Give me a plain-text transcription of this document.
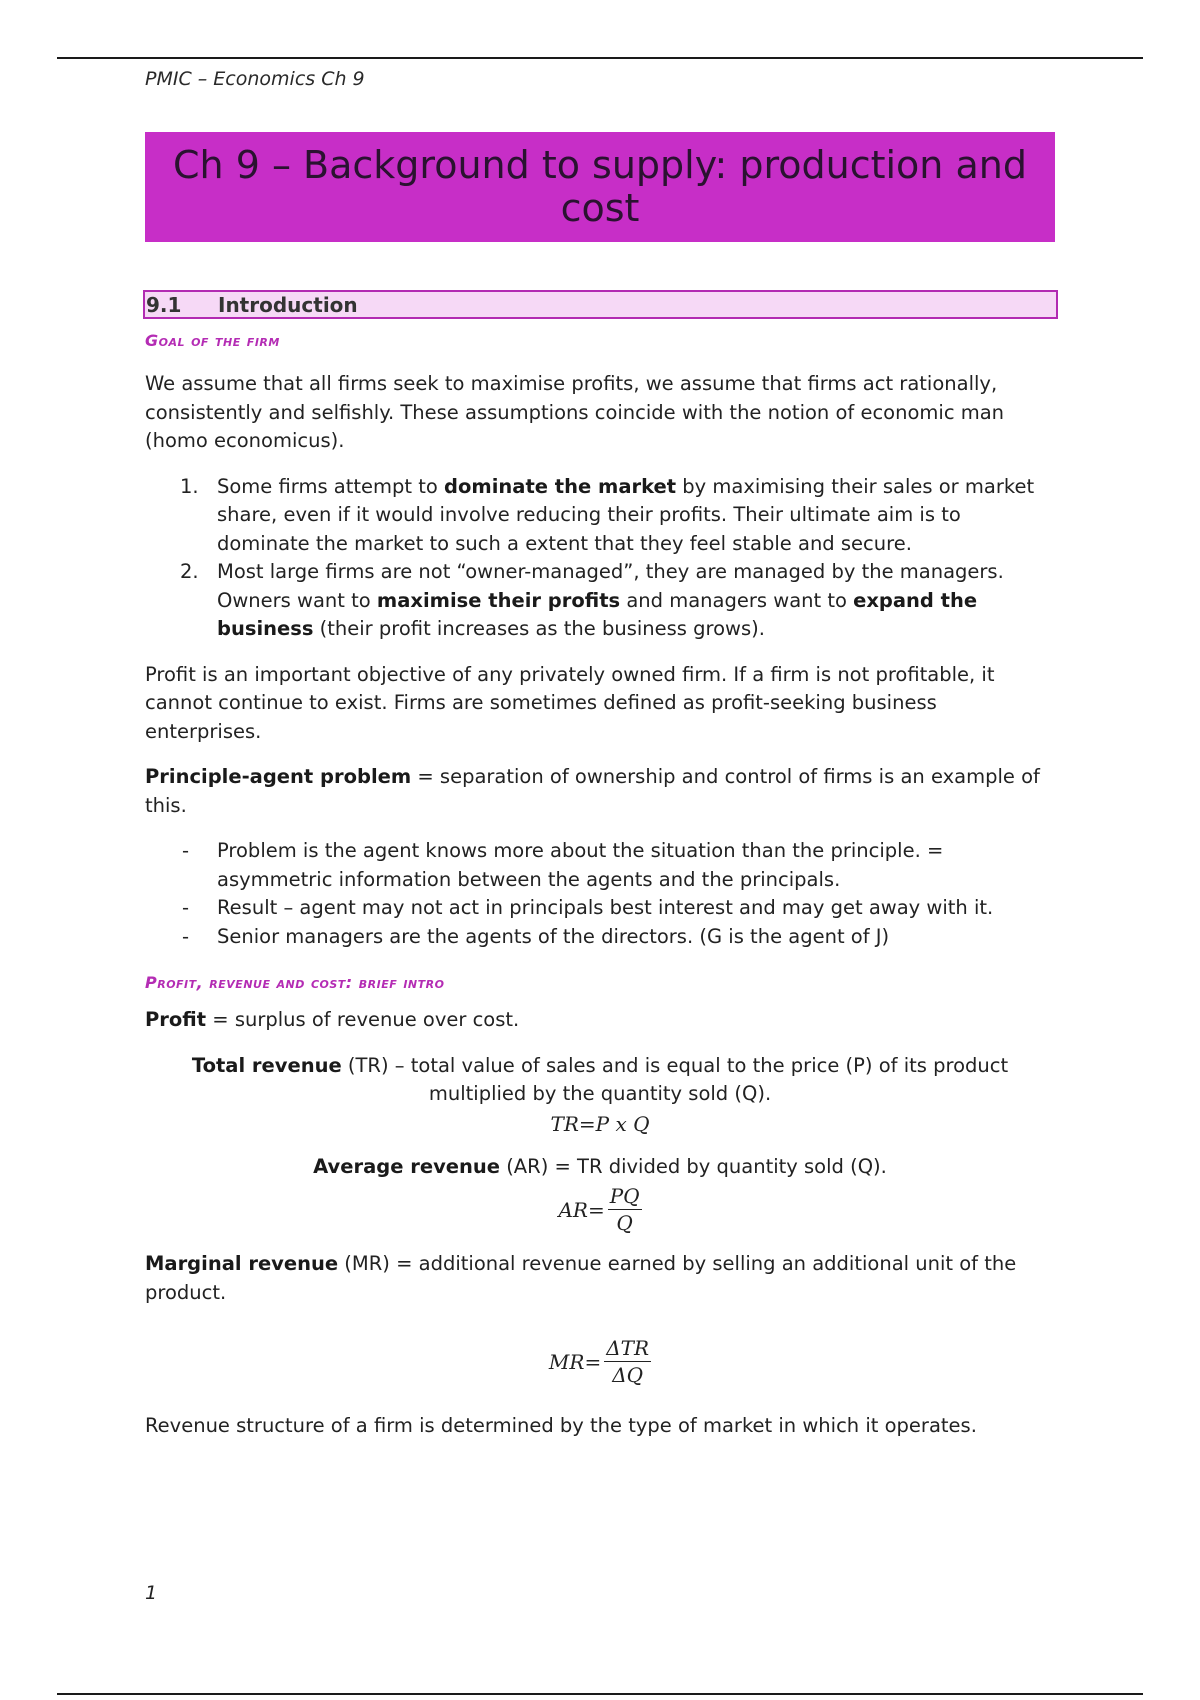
PMIC – Economics Ch 9
Ch 9 – Background to supply: production and cost
9.1	Introduction
Goal of the firm

We assume that all firms seek to maximise profits, we assume that firms act rationally, consistently and selfishly. These assumptions coincide with the notion of economic man (homo economicus).

1. Some firms attempt to dominate the market by maximising their sales or market share, even if it would involve reducing their profits. Their ultimate aim is to dominate the market to such a extent that they feel stable and secure.
2. Most large firms are not “owner-managed”, they are managed by the managers. Owners want to maximise their profits and managers want to expand the business (their profit increases as the business grows).

Profit is an important objective of any privately owned firm. If a firm is not profitable, it cannot continue to exist. Firms are sometimes defined as profit-seeking business enterprises.

Principle-agent problem = separation of ownership and control of firms is an example of this.

- Problem is the agent knows more about the situation than the principle. = asymmetric information between the agents and the principals.
- Result – agent may not act in principals best interest and may get away with it.
- Senior managers are the agents of the directors. (G is the agent of J)
Profit, revenue and cost: brief intro

Profit = surplus of revenue over cost.

Total revenue (TR) – total value of sales and is equal to the price (P) of its product multiplied by the quantity sold (Q).

TR=P x Q

Average revenue (AR) = TR divided by quantity sold (Q).

$AR= \frac{PQ}{Q}$

Marginal revenue (MR) = additional revenue earned by selling an additional unit of the product.

$MR= \frac{\text{ΔTR}}{\Delta Q}$

Revenue structure of a firm is determined by the type of market in which it operates.

1
